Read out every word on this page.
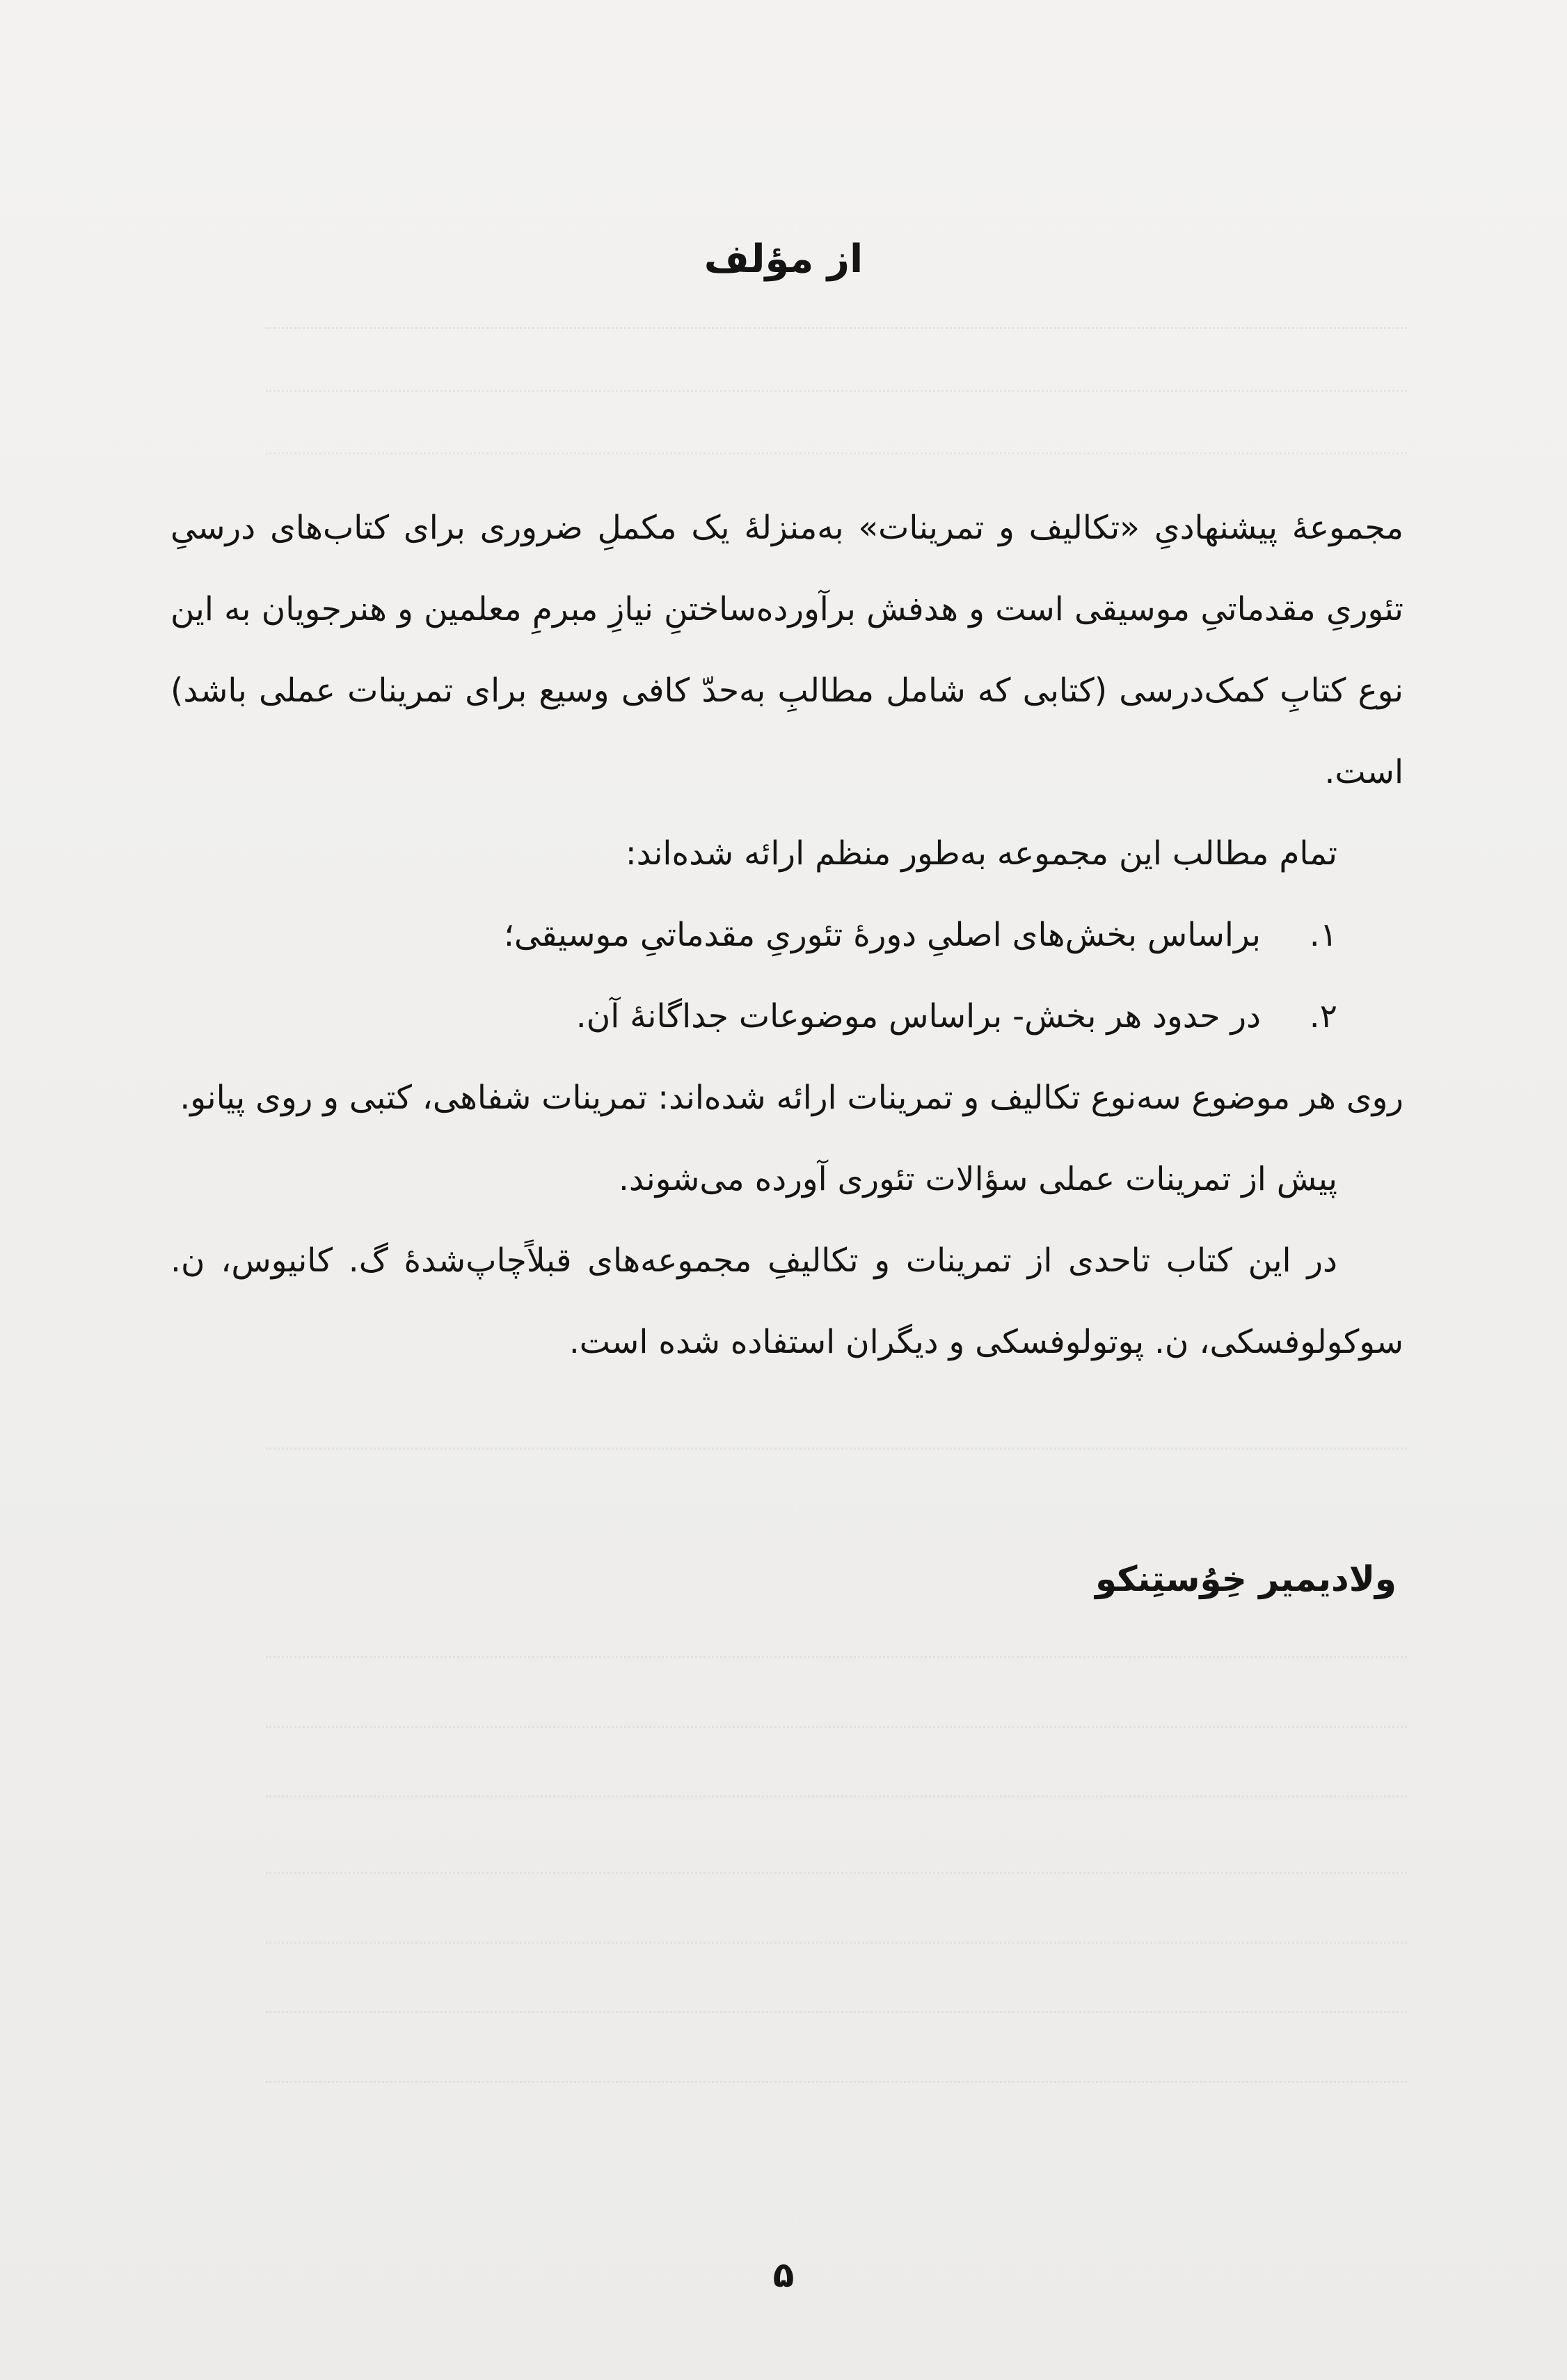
از مؤلف

مجموعهٔ پیشنهادیِ «تکالیف و تمرینات» به‌منزلهٔ یک مکملِ ضروری برای کتاب‌های درسیِ تئوریِ مقدماتیِ موسیقی است و هدفش برآورده‌ساختنِ نیازِ مبرمِ معلمین و هنرجویان به این نوع کتابِ کمک‌درسی (کتابی که شامل مطالبِ به‌حدّ کافی وسیع برای تمرینات عملی باشد) است.

تمام مطالب این مجموعه به‌طور منظم ارائه شده‌اند:

۱.
براساس بخش‌های اصلیِ دورهٔ تئوریِ مقدماتیِ موسیقی؛
۲.
در حدود هر بخش- براساس موضوعات جداگانهٔ آن.

روی هر موضوع سه‌نوع تکالیف و تمرینات ارائه شده‌اند: تمرینات شفاهی، کتبی و روی پیانو.

پیش از تمرینات عملی سؤالات تئوری آورده می‌شوند.

در این کتاب تاحدی از تمرینات و تکالیفِ مجموعه‌های قبلاً‌چاپ‌شدهٔ گ. کانیوس، ن. سوکولوفسکی، ن. پوتولوفسکی و دیگران استفاده شده است.

ولادیمیر خِوُستِنکو

۵
